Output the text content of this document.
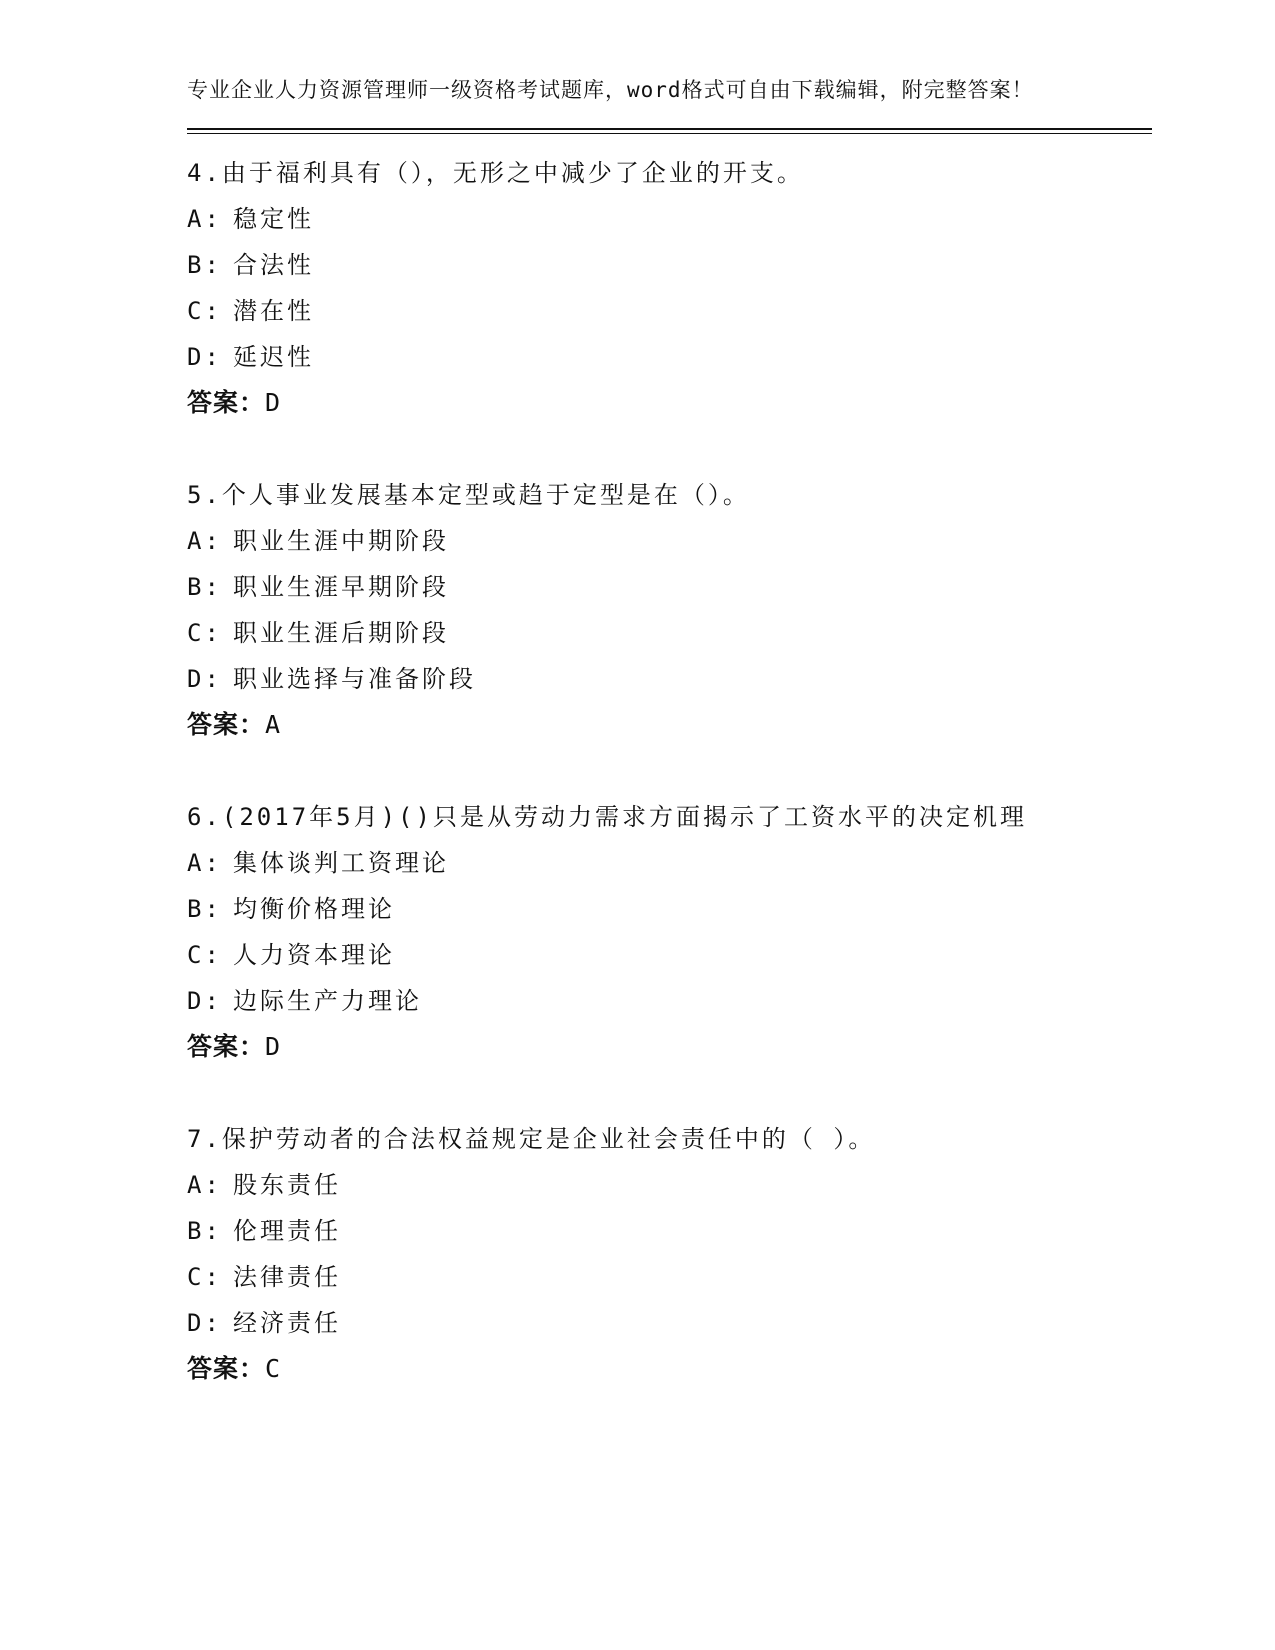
专业企业人力资源管理师一级资格考试题库，word格式可自由下载编辑，附完整答案！

4.由于福利具有（），无形之中减少了企业的开支。

A: 稳定性
B: 合法性
C: 潜在性
D: 延迟性
答案：D

5.个人事业发展基本定型或趋于定型是在（）。

A: 职业生涯中期阶段
B: 职业生涯早期阶段
C: 职业生涯后期阶段
D: 职业选择与准备阶段
答案：A

6.(2017年5月)()只是从劳动力需求方面揭示了工资水平的决定机理

A: 集体谈判工资理论
B: 均衡价格理论
C: 人力资本理论
D: 边际生产力理论
答案：D

7.保护劳动者的合法权益规定是企业社会责任中的（ ）。

A: 股东责任
B: 伦理责任
C: 法律责任
D: 经济责任
答案：C
